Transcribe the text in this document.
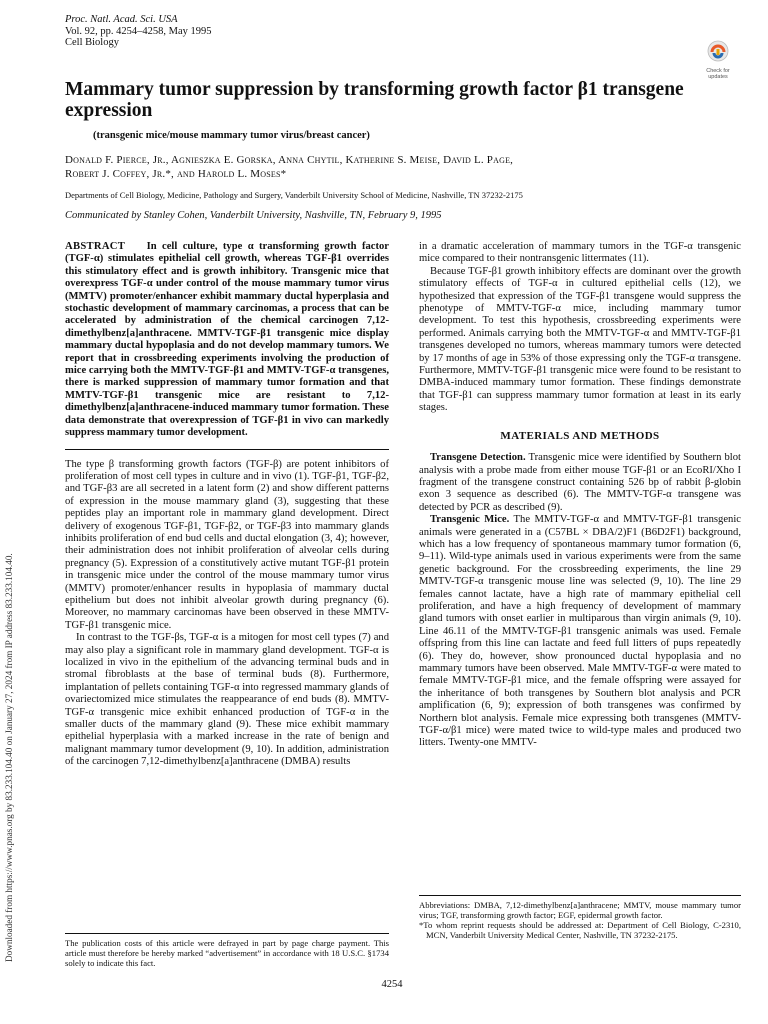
Proc. Natl. Acad. Sci. USA
Vol. 92, pp. 4254–4258, May 1995
Cell Biology
Check for updates
Mammary tumor suppression by transforming growth factor β1 transgene expression
(transgenic mice/mouse mammary tumor virus/breast cancer)
Donald F. Pierce, Jr., Agnieszka E. Gorska, Anna Chytil, Katherine S. Meise, David L. Page,
Robert J. Coffey, Jr.*, and Harold L. Moses*
Departments of Cell Biology, Medicine, Pathology and Surgery, Vanderbilt University School of Medicine, Nashville, TN 37232-2175
Communicated by Stanley Cohen, Vanderbilt University, Nashville, TN, February 9, 1995
ABSTRACT In cell culture, type α transforming growth factor (TGF-α) stimulates epithelial cell growth, whereas TGF-β1 overrides this stimulatory effect and is growth inhibitory. Transgenic mice that overexpress TGF-α under control of the mouse mammary tumor virus (MMTV) promoter/enhancer exhibit mammary ductal hyperplasia and stochastic development of mammary carcinomas, a process that can be accelerated by administration of the chemical carcinogen 7,12-dimethylbenz[a]anthracene. MMTV-TGF-β1 transgenic mice display mammary ductal hypoplasia and do not develop mammary tumors. We report that in crossbreeding experiments involving the production of mice carrying both the MMTV-TGF-β1 and MMTV-TGF-α transgenes, there is marked suppression of mammary tumor formation and that MMTV-TGF-β1 transgenic mice are resistant to 7,12-dimethylbenz[a]anthracene-induced mammary tumor formation. These data demonstrate that overexpression of TGF-β1 in vivo can markedly suppress mammary tumor development.

The type β transforming growth factors (TGF-β) are potent inhibitors of proliferation of most cell types in culture and in vivo (1). TGF-β1, TGF-β2, and TGF-β3 are all secreted in a latent form (2) and show different patterns of expression in the mouse mammary gland (3), suggesting that these peptides play an important role in mammary gland development. Direct delivery of exogenous TGF-β1, TGF-β2, or TGF-β3 into mammary glands inhibits proliferation of end bud cells and ductal elongation (3, 4); however, their administration does not inhibit proliferation of alveolar cells during pregnancy (5). Expression of a constitutively active mutant TGF-β1 protein in transgenic mice under the control of the mouse mammary tumor virus (MMTV) promoter/enhancer results in hypoplasia of mammary ductal epithelium but does not inhibit alveolar growth during pregnancy (6). Moreover, no mammary carcinomas have been observed in these MMTV-TGF-β1 transgenic mice.

In contrast to the TGF-βs, TGF-α is a mitogen for most cell types (7) and may also play a significant role in mammary gland development. TGF-α is localized in vivo in the epithelium of the advancing terminal buds and in stromal fibroblasts at the base of terminal buds (8). Furthermore, implantation of pellets containing TGF-α into regressed mammary glands of ovariectomized mice stimulates the reappearance of end buds (8). MMTV-TGF-α transgenic mice exhibit enhanced production of TGF-α in the smaller ducts of the mammary gland (9). These mice exhibit mammary epithelial hyperplasia with a marked increase in the rate of benign and malignant mammary tumor development (9, 10). In addition, administration of the carcinogen 7,12-dimethylbenz[a]anthracene (DMBA) results

in a dramatic acceleration of mammary tumors in the TGF-α transgenic mice compared to their nontransgenic littermates (11).

Because TGF-β1 growth inhibitory effects are dominant over the growth stimulatory effects of TGF-α in cultured epithelial cells (12), we hypothesized that expression of the TGF-β1 transgene would suppress the phenotype of MMTV-TGF-α mice, including mammary tumor development. To test this hypothesis, crossbreeding experiments were performed. Animals carrying both the MMTV-TGF-α and MMTV-TGF-β1 transgenes developed no tumors, whereas mammary tumors were detected by 17 months of age in 53% of those expressing only the TGF-α transgene. Furthermore, MMTV-TGF-β1 transgenic mice were found to be resistant to DMBA-induced mammary tumor formation. These findings demonstrate that TGF-β1 can suppress mammary tumor formation at least in its early stages.

MATERIALS AND METHODS

Transgene Detection. Transgenic mice were identified by Southern blot analysis with a probe made from either mouse TGF-β1 or an EcoRI/Xho I fragment of the transgene construct containing 526 bp of rabbit β-globin exon 3 sequence as described (6). The MMTV-TGF-α transgene was detected by PCR as described (9).

Transgenic Mice. The MMTV-TGF-α and MMTV-TGF-β1 transgenic animals were generated in a (C57BL × DBA/2)F1 (B6D2F1) background, which has a low frequency of spontaneous mammary tumor formation (6, 9–11). Wild-type animals used in various experiments were from the same genetic background. For the crossbreeding experiments, the line 29 MMTV-TGF-α transgenic mouse line was selected (9, 10). The line 29 females cannot lactate, have a high rate of mammary epithelial cell proliferation, and have a high frequency of development of mammary gland tumors with onset earlier in multiparous than virgin animals (9, 10). Line 46.11 of the MMTV-TGF-β1 transgenic animals was used. Female offspring from this line can lactate and feed full litters of pups repeatedly (6). They do, however, show pronounced ductal hypoplasia and no mammary tumors have been observed. Male MMTV-TGF-α were mated to female MMTV-TGF-β1 mice, and the female offspring were assayed for the inheritance of both transgenes by Southern blot analysis and PCR amplification (6, 9); expression of both transgenes was confirmed by Northern blot analysis. Female mice expressing both transgenes (MMTV-TGF-α/β1 mice) were mated twice to wild-type males and produced two litters. Twenty-one MMTV-

The publication costs of this article were defrayed in part by page charge payment. This article must therefore be hereby marked “advertisement” in accordance with 18 U.S.C. §1734 solely to indicate this fact.
Abbreviations: DMBA, 7,12-dimethylbenz[a]anthracene; MMTV, mouse mammary tumor virus; TGF, transforming growth factor; EGF, epidermal growth factor.
*To whom reprint requests should be addressed at: Department of Cell Biology, C-2310, MCN, Vanderbilt University Medical Center, Nashville, TN 37232-2175.
4254
Downloaded from https://www.pnas.org by 83.233.104.40 on January 27, 2024 from IP address 83.233.104.40.
